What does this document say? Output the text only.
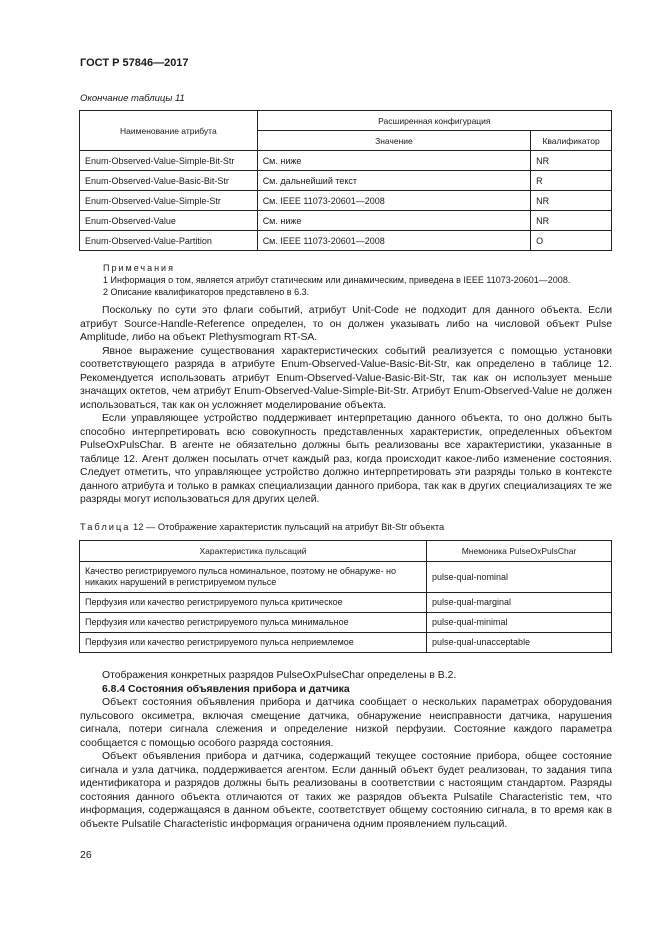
ГОСТ Р 57846—2017
Окончание таблицы 11
Наименование атрибута	Расширенная конфигурация	
	Значение	Квалификатор
Enum-Observed-Value-Simple-Bit-Str	См. ниже	NR
Enum-Observed-Value-Basic-Bit-Str	См. дальнейший текст	R
Enum-Observed-Value-Simple-Str	См. IEEE 11073-20601—2008	NR
Enum-Observed-Value	См. ниже	NR
Enum-Observed-Value-Partition	См. IEEE 11073-20601—2008	O
Примечания
1 Информация о том, является атрибут статическим или динамическим, приведена в IEEE 11073-20601—2008.
2 Описание квалификаторов представлено в 6.3.

Поскольку по сути это флаги событий, атрибут Unit-Code не подходит для данного объекта. Если атрибут Source-Handle-Reference определен, то он должен указывать либо на числовой объект Pulse Amplitude, либо на объект Plethysmogram RT-SA.

Явное выражение существования характеристических событий реализуется с помощью установки соответствующего разряда в атрибуте Enum-Observed-Value-Basic-Bit-Str, как определено в таблице 12. Рекомендуется использовать атрибут Enum-Observed-Value-Basic-Bit-Str, так как он использует меньше значащих октетов, чем атрибут Enum-Observed-Value-Simple-Bit-Str. Атрибут Enum-Observed-Value не должен использоваться, так как он усложняет моделирование объекта.

Если управляющее устройство поддерживает интерпретацию данного объекта, то оно должно быть способно интерпретировать всю совокупность представленных характеристик, определенных объектом PulseOxPulsChar. В агенте не обязательно должны быть реализованы все характеристики, указанные в таблице 12. Агент должен посылать отчет каждый раз, когда происходит какое-либо изменение состояния. Следует отметить, что управляющее устройство должно интерпретировать эти разряды только в контексте данного атрибута и только в рамках специализации данного прибора, так как в других специализациях те же разряды могут использоваться для других целей.

Таблица 12 — Отображение характеристик пульсаций на атрибут Bit-Str объекта
Характеристика пульсаций	Мнемоника PulseOxPulsChar
Качество регистрируемого пульса номинальное, поэтому не обнаруже- но никаких нарушений в регистрируемом пульсе	pulse-qual-nominal
Перфузия или качество регистрируемого пульса критическое	pulse-qual-marginal
Перфузия или качество регистрируемого пульса минимальное	pulse-qual-minimal
Перфузия или качество регистрируемого пульса неприемлемое	pulse-qual-unacceptable

Отображения конкретных разрядов PulseOxPulseChar определены в В.2.

6.8.4 Состояния объявления прибора и датчика

Объект состояния объявления прибора и датчика сообщает о нескольких параметрах оборудования пульсового оксиметра, включая смещение датчика, обнаружение неисправности датчика, нарушения сигнала, потери сигнала слежения и определение низкой перфузии. Состояние каждого параметра сообщается с помощью особого разряда состояния.

Объект объявления прибора и датчика, содержащий текущее состояние прибора, общее состояние сигнала и узла датчика, поддерживается агентом. Если данный объект будет реализован, то задания типа идентификатора и разрядов должны быть реализованы в соответствии с настоящим стандартом. Разряды состояния данного объекта отличаются от таких же разрядов объекта Pulsatile Characteristic тем, что информация, содержащаяся в данном объекте, соответствует общему состоянию сигнала, в то время как в объекте Pulsatile Characteristic информация ограничена одним проявлением пульсаций.

26
